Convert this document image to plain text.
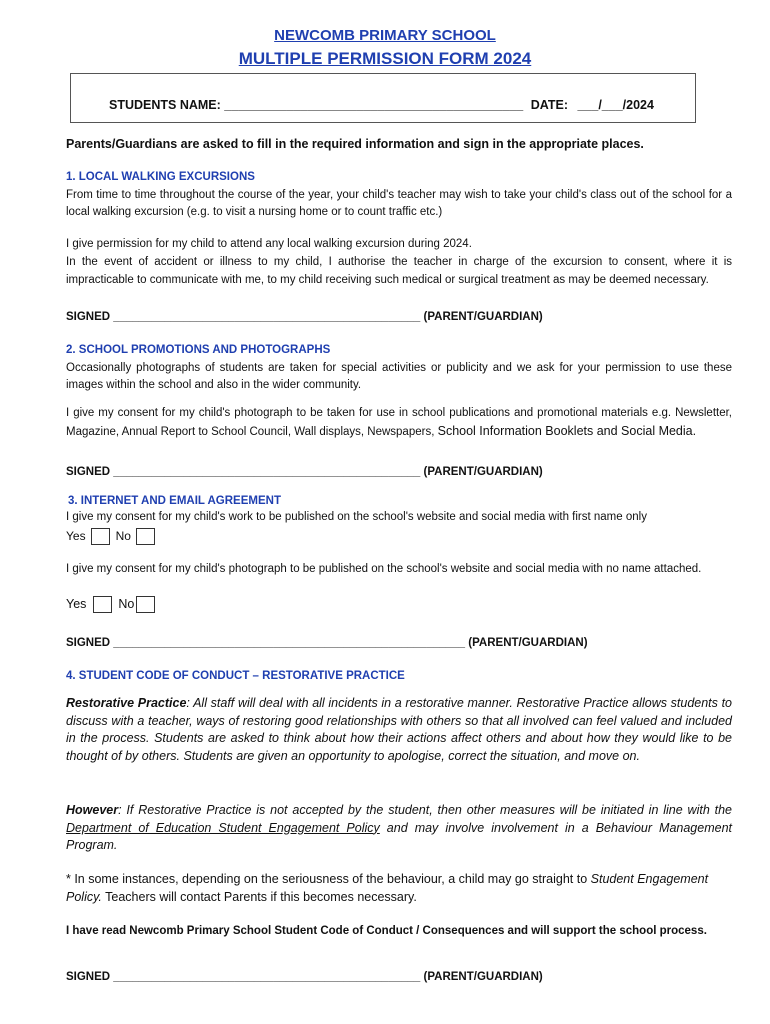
NEWCOMB PRIMARY SCHOOL
MULTIPLE PERMISSION FORM 2024
STUDENTS NAME: ___________________________________________ DATE: ___/___/2024
Parents/Guardians are asked to fill in the required information and sign in the appropriate places.
1. LOCAL WALKING EXCURSIONS
From time to time throughout the course of the year, your child's teacher may wish to take your child's class out of the school for a local walking excursion (e.g. to visit a nursing home or to count traffic etc.)
I give permission for my child to attend any local walking excursion during 2024.
In the event of accident or illness to my child, I authorise the teacher in charge of the excursion to consent, where it is impracticable to communicate with me, to my child receiving such medical or surgical treatment as may be deemed necessary.
SIGNED ________________________________________________ (PARENT/GUARDIAN)
2. SCHOOL PROMOTIONS AND PHOTOGRAPHS
Occasionally photographs of students are taken for special activities or publicity and we ask for your permission to use these images within the school and also in the wider community.
I give my consent for my child's photograph to be taken for use in school publications and promotional materials e.g. Newsletter, Magazine, Annual Report to School Council, Wall displays, Newspapers, School Information Booklets and Social Media.
SIGNED ________________________________________________ (PARENT/GUARDIAN)
3. INTERNET AND EMAIL AGREEMENT
I give my consent for my child's work to be published on the school's website and social media with first name only
Yes	No
I give my consent for my child's photograph to be published on the school's website and social media with no name attached.
Yes	No
SIGNED _______________________________________________________ (PARENT/GUARDIAN)
4. STUDENT CODE OF CONDUCT – RESTORATIVE PRACTICE
Restorative Practice: All staff will deal with all incidents in a restorative manner. Restorative Practice allows students to discuss with a teacher, ways of restoring good relationships with others so that all involved can feel valued and included in the process. Students are asked to think about how their actions affect others and about how they would like to be thought of by others. Students are given an opportunity to apologise, correct the situation, and move on.
However: If Restorative Practice is not accepted by the student, then other measures will be initiated in line with the Department of Education Student Engagement Policy and may involve involvement in a Behaviour Management Program.
* In some instances, depending on the seriousness of the behaviour, a child may go straight to Student Engagement Policy. Teachers will contact Parents if this becomes necessary.
I have read Newcomb Primary School Student Code of Conduct / Consequences and will support the school process.
SIGNED ________________________________________________ (PARENT/GUARDIAN)
